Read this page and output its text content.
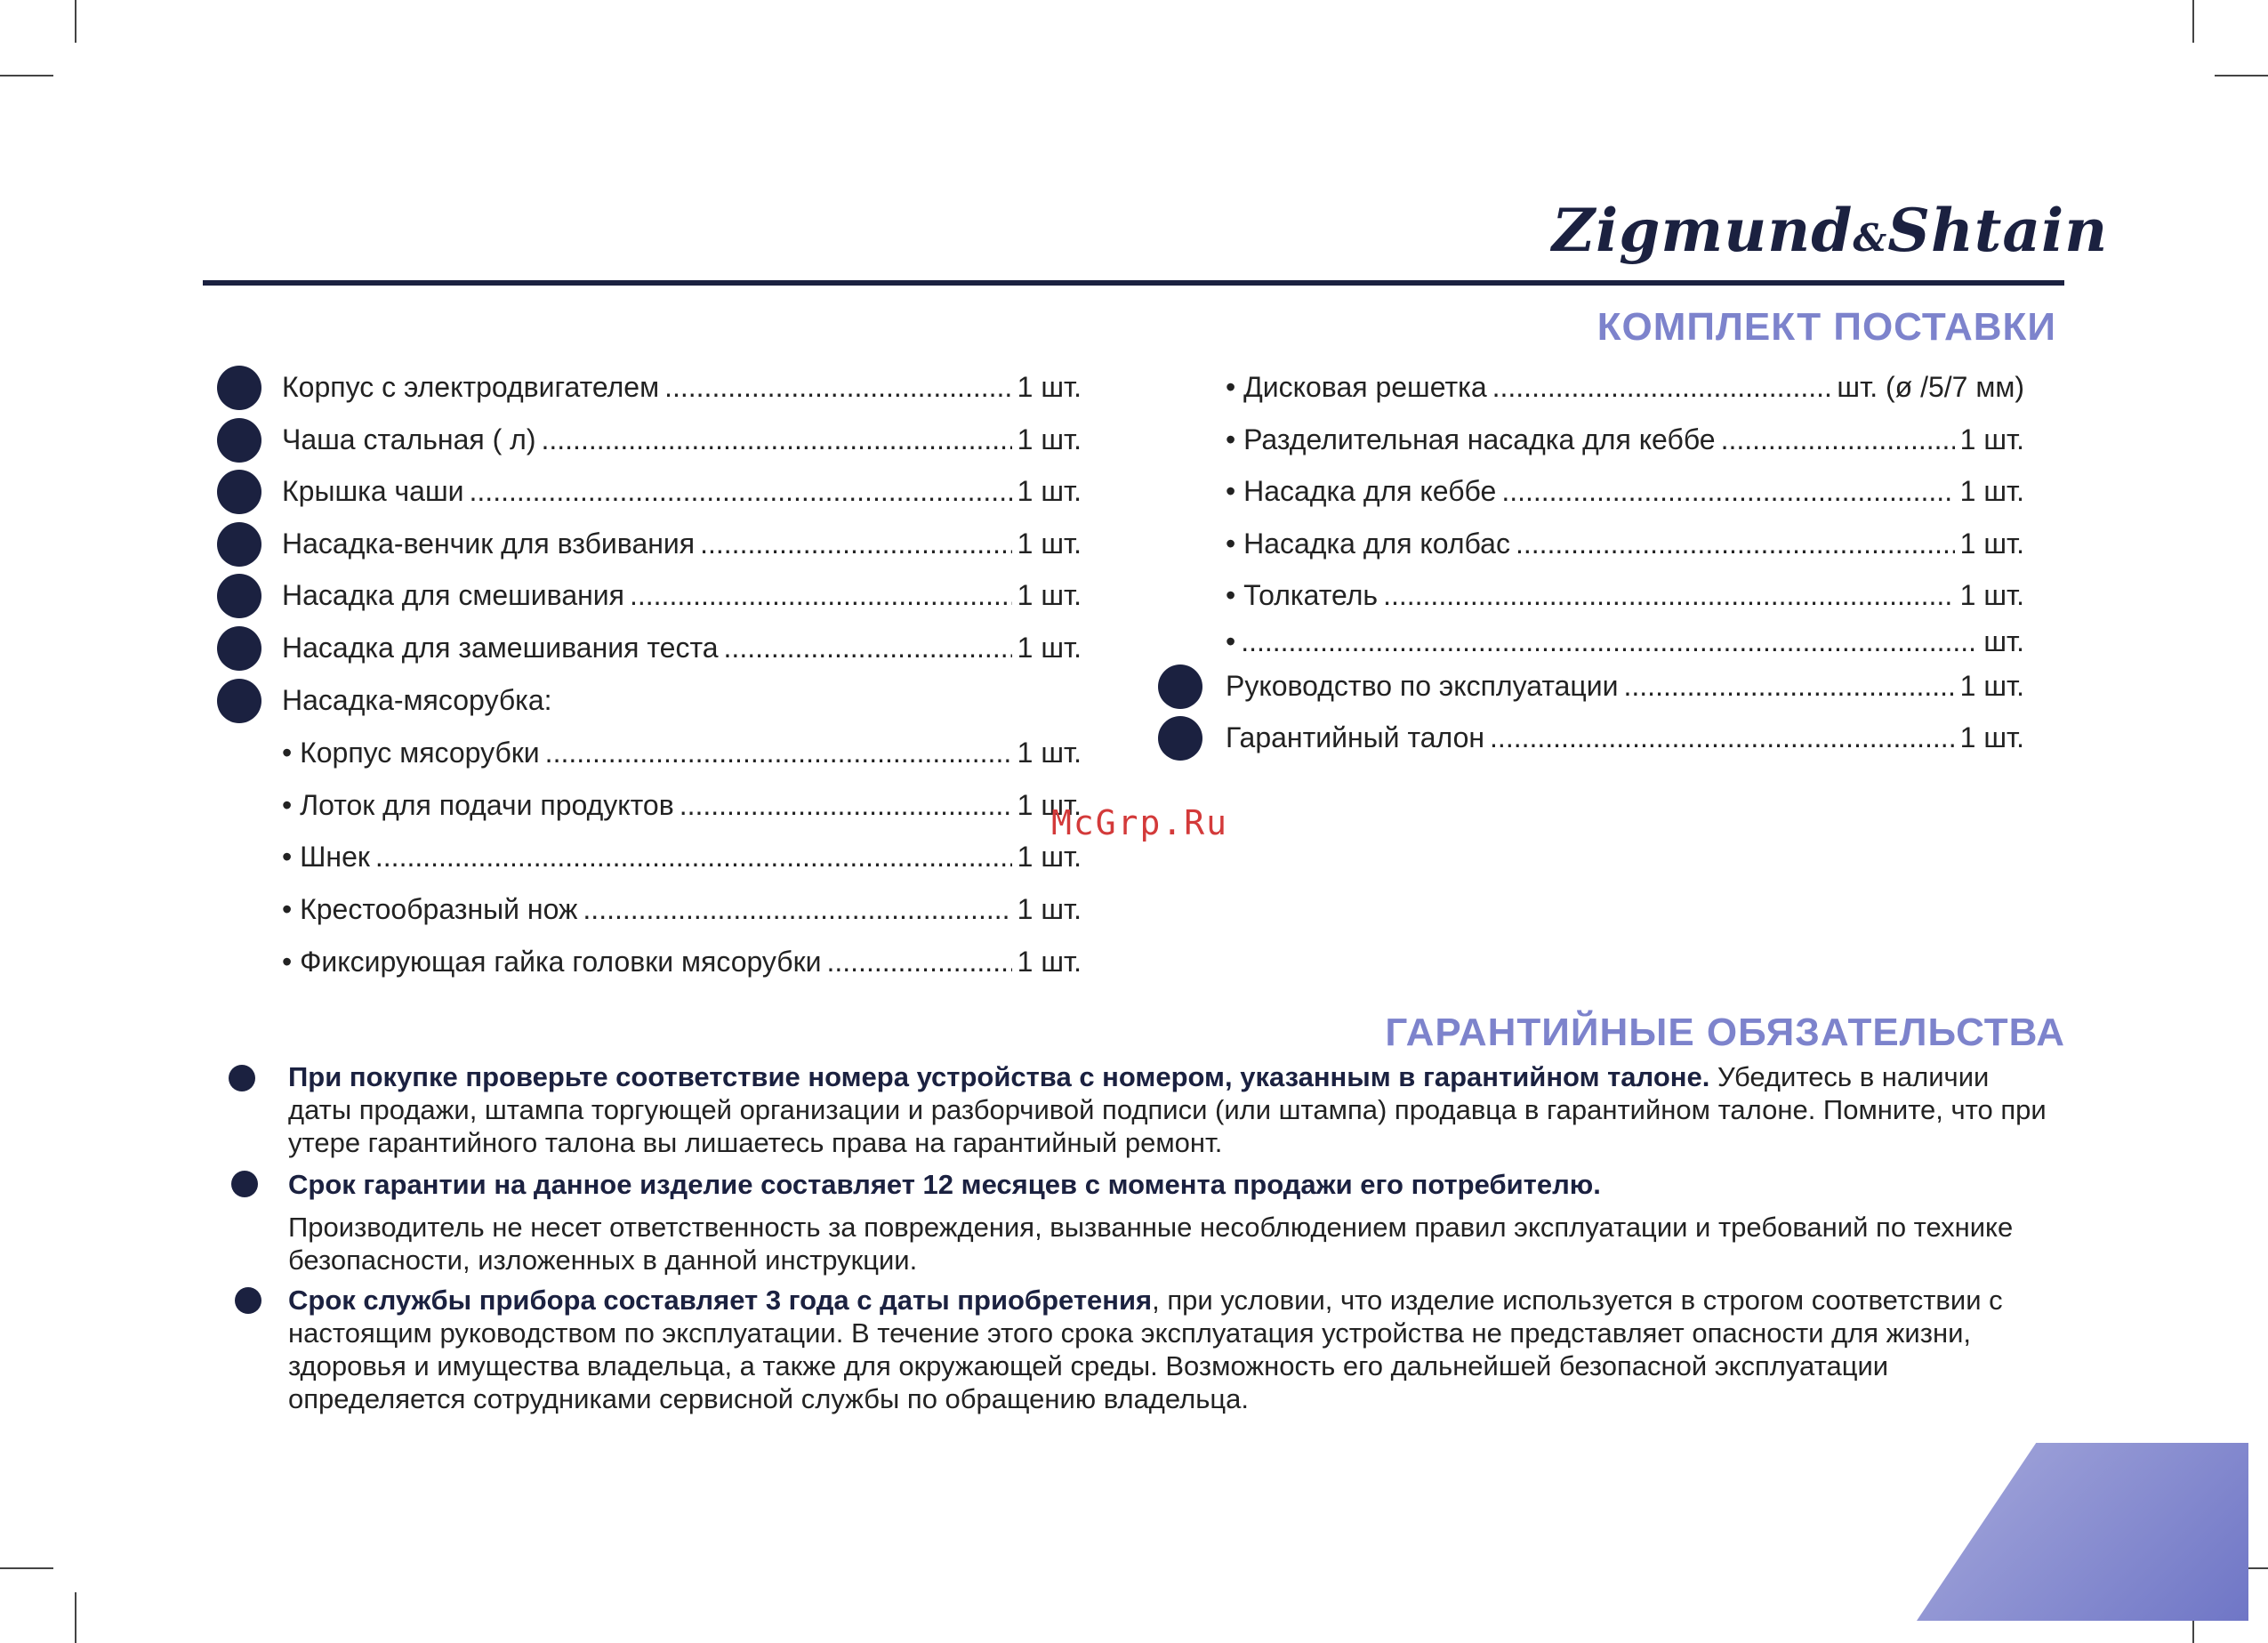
Zigmund&Shtain
КОМПЛЕКТ ПОСТАВКИ
Корпус с электродвигателем .....	1 шт.
Чаша стальная ( л) .....	1 шт.
Крышка чаши .....	1 шт.
Насадка-венчик для взбивания .....	1 шт.
Насадка для смешивания .....	1 шт.
Насадка для замешивания теста .....	1 шт.
Насадка-мясорубка:
• Корпус мясорубки .....	1 шт.
• Лоток для подачи продуктов .....	1 шт.
• Шнек .....	1 шт.
• Крестообразный нож .....	1 шт.
• Фиксирующая гайка головки мясорубки .....	1 шт.
• Дисковая решетка .....	шт. (ø /5/7 мм)
• Разделительная насадка для кеббе .....	1 шт.
• Насадка для кеббе .....	1 шт.
• Насадка для колбас .....	1 шт.
• Толкатель .....	1 шт.
• .....	шт.
Руководство по эксплуатации .....	1 шт.
Гарантийный талон .....	1 шт.
McGrp.Ru
ГАРАНТИЙНЫЕ ОБЯЗАТЕЛЬСТВА
При покупке проверьте соответствие номера устройства с номером, указанным в гарантийном талоне. Убедитесь в наличии даты продажи, штампа торгующей организации и разборчивой подписи (или штампа) продавца в гарантийном талоне. Помните, что при утере гарантийного талона вы лишаетесь права на гарантийный ремонт.
Срок гарантии на данное изделие составляет 12 месяцев с момента продажи его потребителю.
Производитель не несет ответственность за повреждения, вызванные несоблюдением правил эксплуатации и требований по технике безопасности, изложенных в данной инструкции.
Срок службы прибора составляет 3 года с даты приобретения, при условии, что изделие используется в строгом соответствии с настоящим руководством по эксплуатации. В течение этого срока эксплуатация устройства не представляет опасности для жизни, здоровья и имущества владельца, а также для окружающей среды. Возможность его дальнейшей безопасной эксплуатации определяется сотрудниками сервисной службы по обращению владельца.
